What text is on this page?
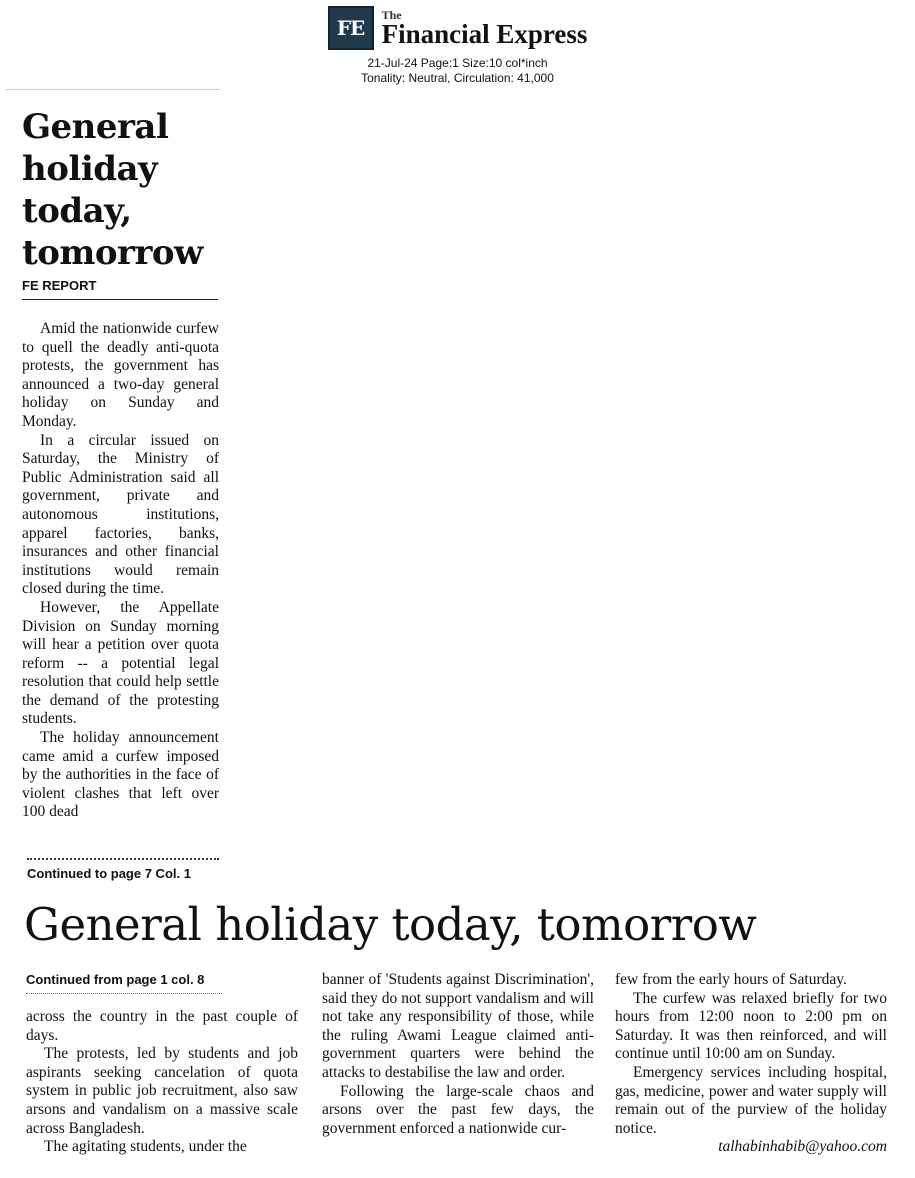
FE
The
Financial Express
21-Jul-24 Page:1 Size:10 col*inch
Tonality: Neutral, Circulation: 41,000
General holiday today, tomorrow
FE REPORT

Amid the nationwide curfew to quell the deadly anti-quota protests, the government has announced a two-day general holiday on Sunday and Monday.

In a circular issued on Saturday, the Ministry of Public Administration said all government, private and autonomous institutions, apparel factories, banks, insurances and other financial institutions would remain closed during the time.

However, the Appellate Division on Sunday morning will hear a petition over quota reform -- a potential legal resolution that could help settle the demand of the protesting students.

The holiday announcement came amid a curfew imposed by the authorities in the face of violent clashes that left over 100 dead

Continued to page 7 Col. 1
General holiday today, tomorrow
Continued from page 1 col. 8

across the country in the past couple of days.

The protests, led by students and job aspirants seeking cancelation of quota system in public job recruitment, also saw arsons and vandalism on a massive scale across Bangladesh.

The agitating students, under the

banner of 'Students against Discrimination', said they do not support vandalism and will not take any responsibility of those, while the ruling Awami League claimed anti-government quarters were behind the attacks to destabilise the law and order.

Following the large-scale chaos and arsons over the past few days, the government enforced a nationwide cur-

few from the early hours of Saturday.

The curfew was relaxed briefly for two hours from 12:00 noon to 2:00 pm on Saturday. It was then reinforced, and will continue until 10:00 am on Sunday.

Emergency services including hospital, gas, medicine, power and water supply will remain out of the purview of the holiday notice.

talhabinhabib@yahoo.com
